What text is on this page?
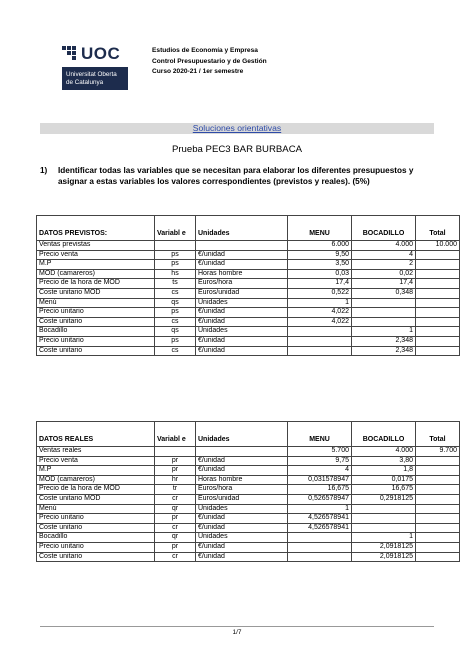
UOC
Universitat Oberta
de Catalunya
Estudios de Economía y Empresa
Control Presupuestario y de Gestión
Curso 2020-21 / 1er semestre
Soluciones orientativas
Prueba PEC3 BAR BURBACA
1) Identificar todas las variables que se necesitan para elaborar los diferentes presupuestos y asignar a estas variables los valores correspondientes (previstos y reales). (5%)
DATOS PREVISTOS:	Variabl e	Unidades	MENU	BOCADILLO	Total
Ventas previstas			6.000	4.000	10.000
Precio venta	ps	€/unidad	9,50	4	
M.P	ps	€/unidad	3,50	2	
MOD (camareros)	hs	Horas hombre	0,03	0,02	
Precio de la hora de MOD	ts	Euros/hora	17,4	17,4	
Coste unitario MOD	cs	Euros/unidad	0,522	0,348	
Menú	qs	Unidades	1		
Precio unitario	ps	€/unidad	4,022		
Coste unitario	cs	€/unidad	4,022		
Bocadillo	qs	Unidades		1	
Precio unitario	ps	€/unidad		2,348	
Coste unitario	cs	€/unidad		2,348	
DATOS REALES	Variabl e	Unidades	MENU	BOCADILLO	Total
Ventas reales			5.700	4.000	9.700
Precio venta	pr	€/unidad	9,75	3,80	
M.P	pr	€/unidad	4	1,8	
MOD (camareros)	hr	Horas hombre	0,031578947	0,0175	
Precio de la hora de MOD	tr	Euros/hora	16,675	16,675	
Coste unitario MOD	cr	Euros/unidad	0,526578947	0,2918125	
Menú	qr	Unidades	1		
Precio unitario	pr	€/unidad	4,526578941		
Coste unitario	cr	€/unidad	4,526578941		
Bocadillo	qr	Unidades		1	
Precio unitario	pr	€/unidad		2,0918125	
Coste unitario	cr	€/unidad		2,0918125	
1/7
